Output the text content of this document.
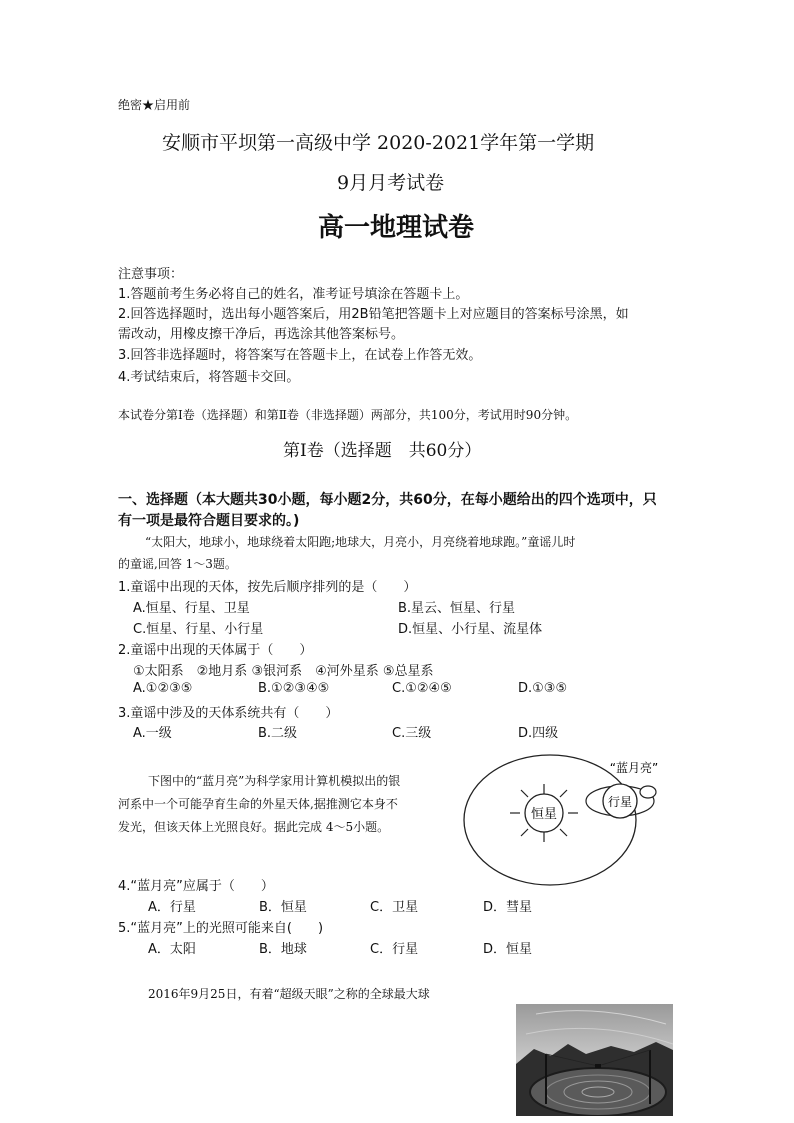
绝密★启用前
安顺市平坝第一高级中学 2020-2021学年第一学期
9月月考试卷
高一地理试卷
注意事项：
1.答题前考生务必将自己的姓名，准考证号填涂在答题卡上。
2.回答选择题时，选出每小题答案后，用2B铅笔把答题卡上对应题目的答案标号涂黑，如
需改动，用橡皮擦干净后，再选涂其他答案标号。
3.回答非选择题时，将答案写在答题卡上，在试卷上作答无效。
4.考试结束后，将答题卡交回。
本试卷分第Ⅰ卷（选择题）和第Ⅱ卷（非选择题）两部分，共100分，考试用时90分钟。
第Ⅰ卷（选择题　共60分）
一、选择题（本大题共30小题，每小题2分，共60分，在每小题给出的四个选项中，只
有一项是最符合题目要求的。)
“太阳大，地球小，地球绕着太阳跑;地球大，月亮小，月亮绕着地球跑。”童谣儿时
的童谣,回答 1～3题。
1.童谣中出现的天体，按先后顺序排列的是（　　）
A.恒星、行星、卫星	B.星云、恒星、行星
C.恒星、行星、小行星	D.恒星、小行星、流星体
2.童谣中出现的天体属于（　　）
①太阳系　②地月系 ③银河系　④河外星系 ⑤总星系
A.①②③⑤	B.①②③④⑤	C.①②④⑤	D.①③⑤
3.童谣中涉及的天体系统共有（　　）
A.一级	B.二级	C.三级	D.四级
下图中的“蓝月亮”为科学家用计算机模拟出的银
河系中一个可能孕育生命的外星天体,据推测它本身不
发光，但该天体上光照良好。据此完成 4～5小题。
恒星
行星
“蓝月亮”
4.“蓝月亮”应属于（　　）
A．行星	B．恒星	C．卫星	D．彗星
5.“蓝月亮”上的光照可能来自(　　)
A．太阳	B．地球	C．行星	D．恒星
2016年9月25日，有着“超级天眼”之称的全球最大球
